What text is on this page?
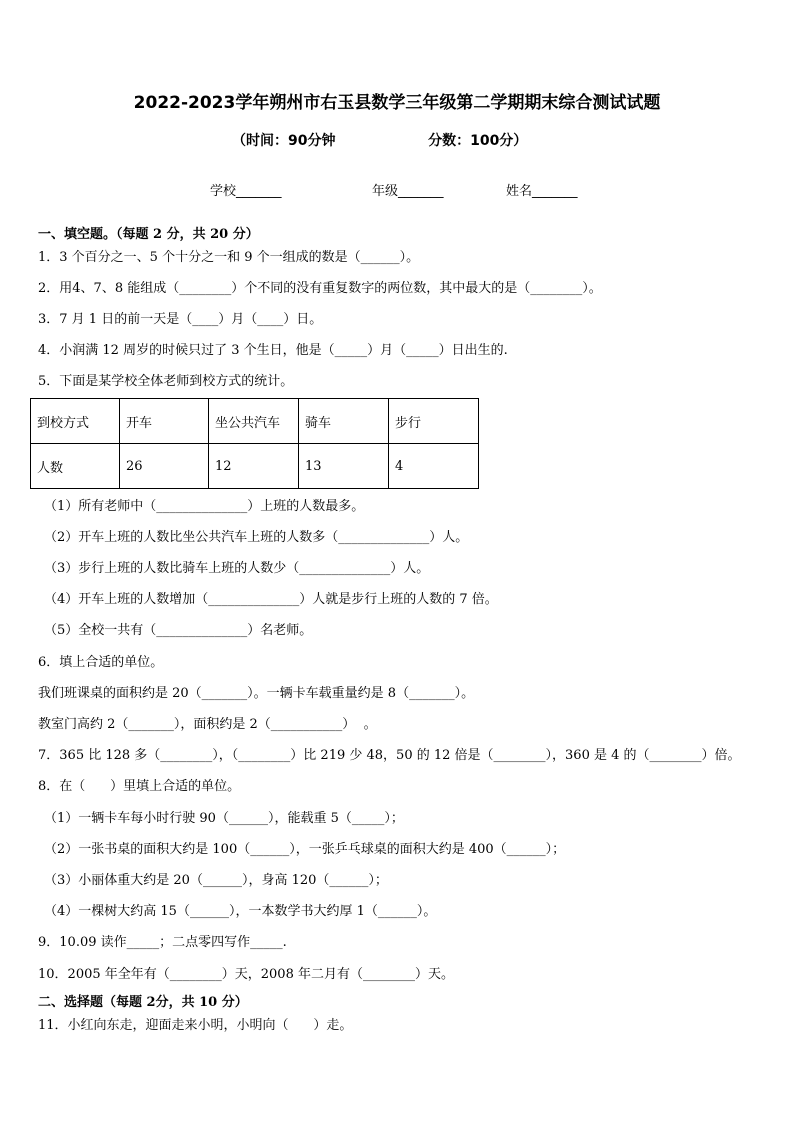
2022-2023学年朔州市右玉县数学三年级第二学期期末综合测试试题
（时间：90分钟                   分数：100分）
学校_______	年级_______	姓名_______
一、填空题。（每题 2 分，共 20 分）
1．3 个百分之一、5 个十分之一和 9 个一组成的数是（______）。
2．用4、7、8 能组成（________）个不同的没有重复数字的两位数，其中最大的是（________）。
3．7 月 1 日的前一天是（____）月（____）日。
4．小润满 12 周岁的时候只过了 3 个生日，他是（_____）月（_____）日出生的.
5．下面是某学校全体老师到校方式的统计。
到校方式	开车	坐公共汽车	骑车	步行
人数	26	12	13	4
（1）所有老师中（______________）上班的人数最多。
（2）开车上班的人数比坐公共汽车上班的人数多（______________）人。
（3）步行上班的人数比骑车上班的人数少（______________）人。
（4）开车上班的人数增加（______________）人就是步行上班的人数的 7 倍。
（5）全校一共有（______________）名老师。
6．填上合适的单位。
我们班课桌的面积约是 20（_______）。一辆卡车载重量约是 8（_______）。
教室门高约 2（_______），面积约是 2（___________）  。
7．365 比 128 多（________），（________）比 219 少 48，50 的 12 倍是（________），360 是 4 的（________）倍。
8．在（      ）里填上合适的单位。
（1）一辆卡车每小时行驶 90（______），能载重 5（_____）；
（2）一张书桌的面积大约是 100（______），一张乒乓球桌的面积大约是 400（______）；
（3）小丽体重大约是 20（______），身高 120（______）；
（4）一棵树大约高 15（______），一本数学书大约厚 1（______）。
9．10.09 读作_____；二点零四写作_____.
10．2005 年全年有（________）天，2008 年二月有（________）天。
二、选择题（每题 2分，共 10 分）
11．小红向东走，迎面走来小明，小明向（      ）走。
